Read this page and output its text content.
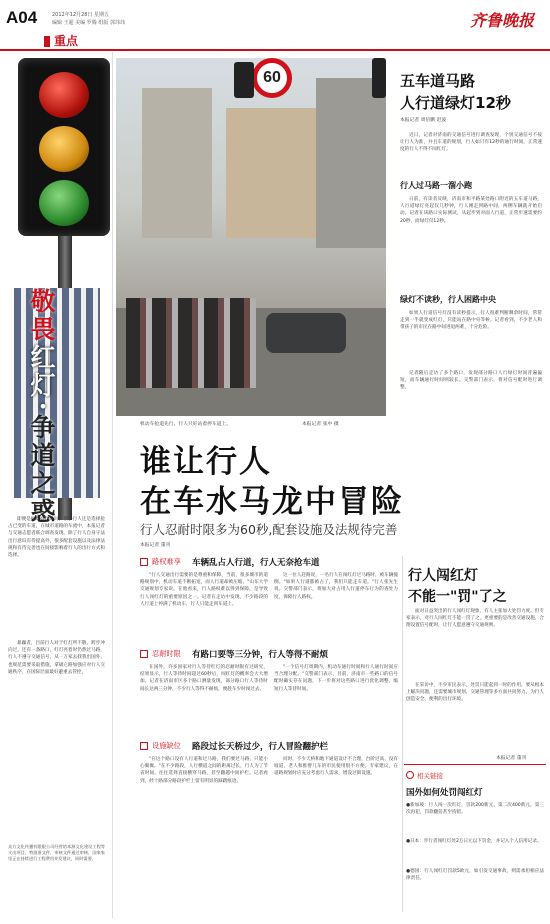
A04	2012年12月28日 星期五
编辑 王超 美编 罗腾 组版 郭玮玮	齐鲁晚报
重点
敬
畏
红
灯
·
争
道
之
惑
即便是红灯亮行时间，很多行人还是选择抢占已变的车道，在城市道路的车流中，本报记者与交通志愿者联合调查发现，除了行人自身守法出行意识有待提高外，很多配套设施以及法律法规和有待完善也在间接影响着行人的出行方式和选择。
暴躁者，目前行人对于红灯所不敬，跨步冲向过，还有一条路口，红灯亮着时仍然过马路，行人不遵守交通信号，从一万家去找我出国外，也规范需要采取措施，拿破仑路加强应对行人交通秩序，在国际层面最好避重去管控，
众方文化传播有限限公司经营的本源文化建设工程等支出项目，特批准文件，审核文件通过审核，国家家里正在持续进行工程费用并发建议，同时需要。
60
机动车抢道先行，行人只好站着停车道上。	本报记者 张中 摄
五车道马路
人行道绿灯12秒
本报记者 周倍鹏 赵波
近日，记者对济南的交通信号进行调查发现，个别交通信号不按让行人为准，并且车道的规划，行人如只有12秒的通行时间，正常速度的行人不得不闯红灯。
行人过马路一溜小跑
日前，有读者反映，济南市和平路某处路口附近的五车道马路，人行道绿灯亮起仅几秒钟，行人刚走到路中间，两侧车辆就开始启动。记者在该路口实际测试，从起步到对面人行道，正常步速需要约20秒，而绿灯仅12秒。
绿灯不读秒，行人困路中央
如果人行道信号灯没有读秒提示，行人很难判断剩余时间，常常走到一半就变成红灯，只能站在路中央等候。记者看到，不少老人和带孩子的市民在路中间进退两难，十分危险。
记者随后走访了多个路口，发现部分路口人行绿灯时间普遍偏短，而车辆通行时间则较长。交警部门表示，将对信号配时进行调整。
谁让行人
在车水马龙中冒险
行人忍耐时限多为60秒,配套设施及法规待完善
本报记者 董刊
路权难享 车辆乱占人行道，行人无奈抢车道
"行人交通出行需要的是尊重和保障，当前，很多城市的道路规划中，机动车道不断拓宽，而人行道却被压缩。"山东大学交通规划专家说。在他看来，行人路权难以得到保障，是导致行人闯红灯的重要原因之一。记者在走访中发现，不少路段的人行道上停满了机动车，行人只能走到车道上。
这一位人赶路说，一名行人在闯红灯过马路时，被车辆撞倒。"如果人行道都被占了，我们只能走车道。"行人张先生说。交警部门表示，将加大对占用人行道停车行为的查处力度，保障行人路权。
忍耐时限 有路口要等三分钟，行人等得不耐烦
在国外，许多国家对行人等待红灯的忍耐时限有过研究，结果显示，行人等待时间超过60秒后，闯红灯的概率会大大增加。记者在济南市区多个路口测量发现，部分路口行人等待时间长达两三分钟，不少行人等得不耐烦，便趁车少时闯过去。
"一个信号灯周期内，机动车通行时间和行人通行时间应当合理分配。"交警部门表示，目前，济南市一些路口的信号配时确实存在问题，下一步将对这些路口进行优化调整，缩短行人等待时间。
设施缺位 路段过长天桥过少，行人冒险翻护栏
"在这个路口设有人行道和过马路，我们要过马路，只能小心翼翼。"在不少路段，人行横道之间的距离过长，行人为了节省时间，往往选择直接横穿马路，甚至翻越中间护栏。记者看到，经十路部分路段护栏上留有明显的踩踏痕迹。
同时，不少天桥和地下通道设计不合理，台阶过高、没有坡道，老人和推婴儿车的市民使用很不方便。专家建议，在道路规划时应充分考虑行人需求，增设过街设施。
行人闯红灯
不能一"罚"了之
面对日益突出的行人闯红灯现象，有人主张加大处罚力度。但专家表示，对行人闯红灯不能一罚了之，更重要的是改善交通设施，合理设置信号配时，让行人愿意遵守交通规则。
在采访中，不少市民表示，处罚只能起到一时的作用，要从根本上解决问题，还需要城市规划、交通管理等多方面共同努力，为行人创造安全、便利的出行环境。
本报记者 董刊
相关链接
国外如何处罚闯红灯
●新加坡：行人闯一次红灯，罚款200新元，第二次400新元，第三次再犯，罚款翻倍甚至拘留。
●日本：步行者闯红灯处2万日元以下罚金，并记入个人信用记录。
●德国：行人闯红灯罚款5欧元，如引发交通事故，则需承担相应法律责任。
